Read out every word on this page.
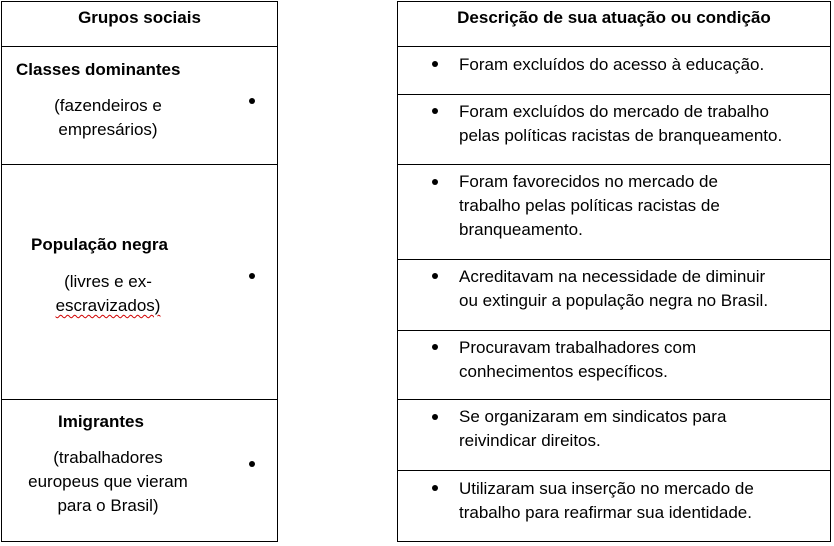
Grupos sociais
Classes dominantes
(fazendeiros e
empresários)
População negra
(livres e ex-
escravizados)
Imigrantes
(trabalhadores
europeus que vieram
para o Brasil)
Descrição de sua atuação ou condição
Foram excluídos do acesso à educação.
Foram excluídos do mercado de trabalho
pelas políticas racistas de branqueamento.
Foram favorecidos no mercado de
trabalho pelas políticas racistas de
branqueamento.
Acreditavam na necessidade de diminuir
ou extinguir a população negra no Brasil.
Procuravam trabalhadores com
conhecimentos específicos.
Se organizaram em sindicatos para
reivindicar direitos.
Utilizaram sua inserção no mercado de
trabalho para reafirmar sua identidade.
